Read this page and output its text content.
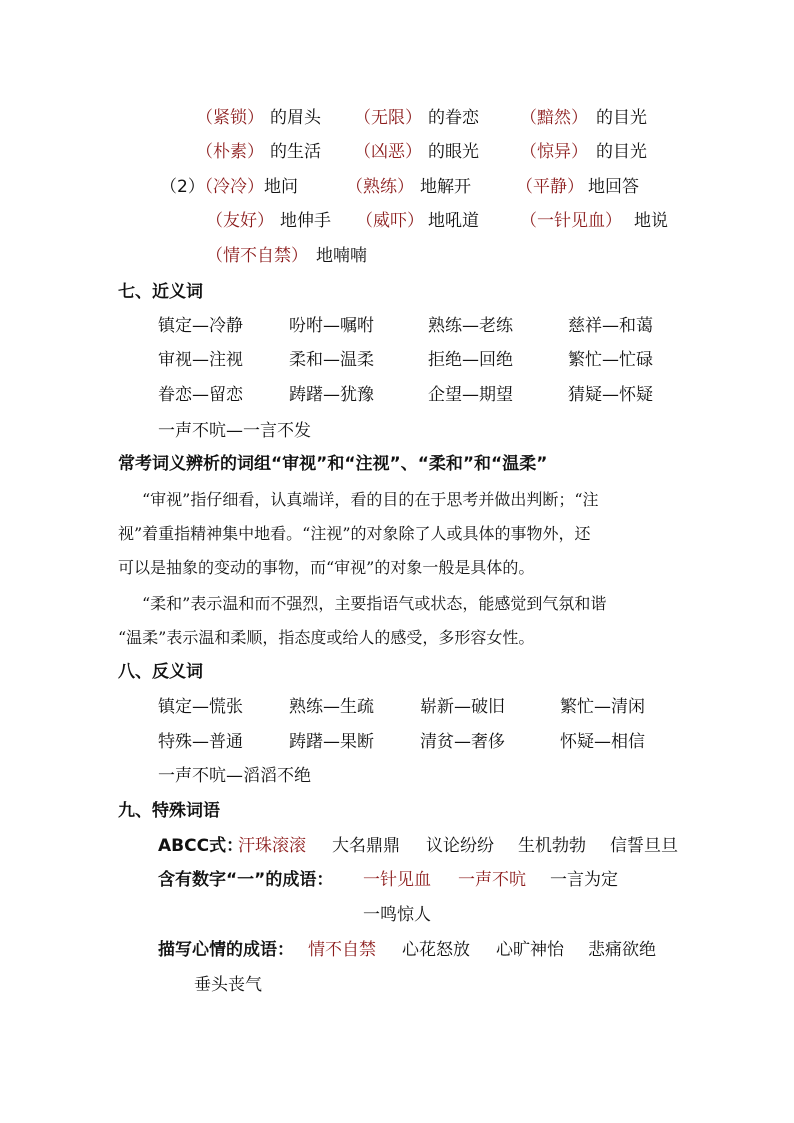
（紧锁） 的眉头 （无限） 的眷恋 （黯然） 的目光
（朴素） 的生活 （凶恶） 的眼光 （惊异） 的目光
（2）
（冷冷） 地问	（熟练） 地解开	（平静） 地回答
（友好） 地伸手 （威吓） 地吼道 （一针见血） 地说
（情不自禁） 地喃喃
七、近义词
镇定—冷静	吩咐—嘱咐	熟练—老练	慈祥—和蔼
审视—注视	柔和—温柔	拒绝—回绝	繁忙—忙碌
眷恋—留恋	踌躇—犹豫	企望—期望	猜疑—怀疑
一声不吭—一言不发
常考词义辨析的词组“审视”和“注视”、“柔和”和“温柔”
“审视”指仔细看，认真端详，看的目的在于思考并做出判断；“注
视”着重指精神集中地看。“注视”的对象除了人或具体的事物外，还
可以是抽象的变动的事物，而“审视”的对象一般是具体的。
“柔和”表示温和而不强烈，主要指语气或状态，能感觉到气氛和谐
“温柔”表示温和柔顺，指态度或给人的感受，多形容女性。
八、反义词
镇定—慌张	熟练—生疏	崭新—破旧	繁忙—清闲
特殊—普通	踌躇—果断	清贫—奢侈	怀疑—相信
一声不吭—滔滔不绝
九、特殊词语
ABCC式：
汗珠滚滚 大名鼎鼎 议论纷纷 生机勃勃 信誓旦旦
含有数字“一”的成语： 一针见血 一声不吭 一言为定
一鸣惊人
描写心情的成语： 情不自禁 心花怒放 心旷神怡 悲痛欲绝
垂头丧气
